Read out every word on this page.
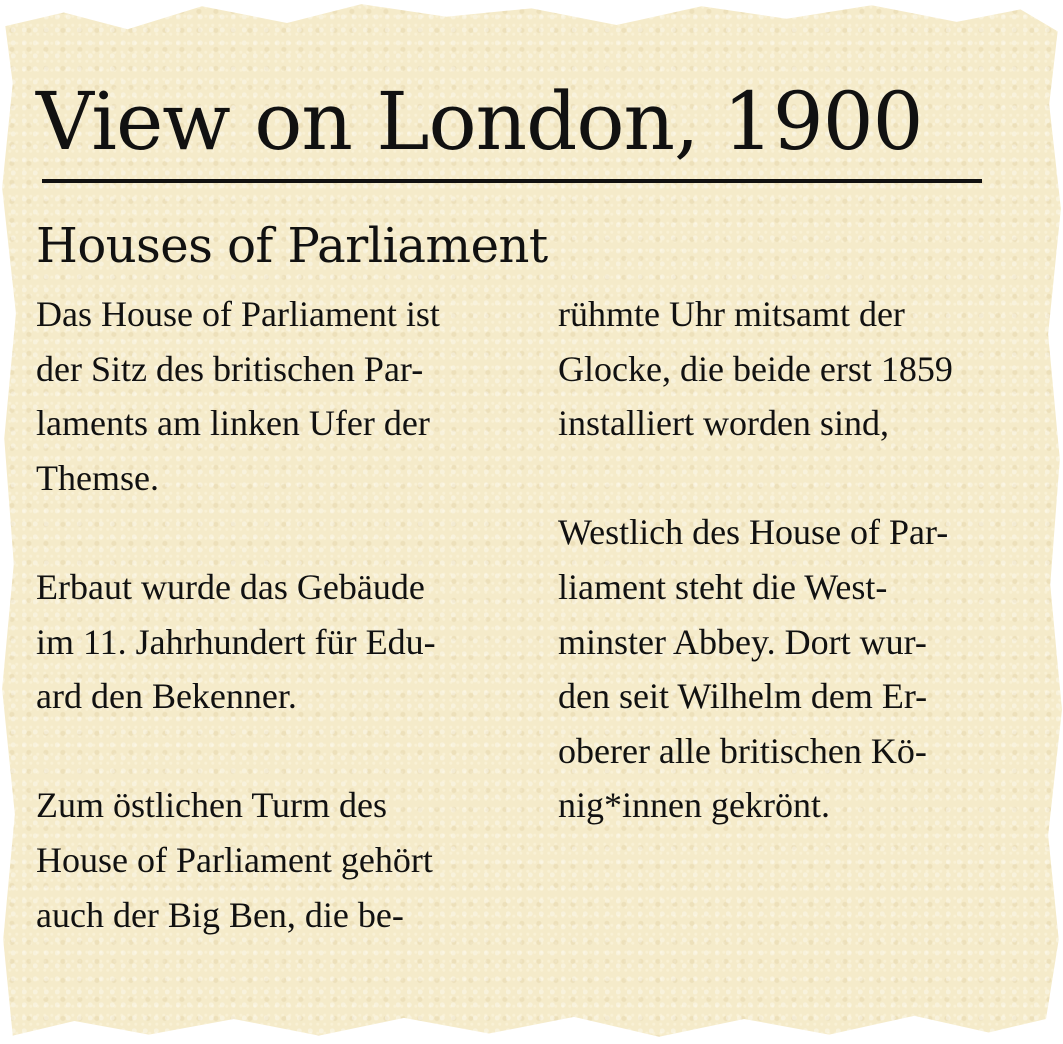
View on London, 1900
Houses of Parliament
Das House of Parliament ist
der Sitz des britischen Par-
laments am linken Ufer der
Themse.
Erbaut wurde das Gebäude
im 11. Jahrhundert für Edu-
ard den Bekenner.
Zum östlichen Turm des
House of Parliament gehört
auch der Big Ben, die be-
rühmte Uhr mitsamt der
Glocke, die beide erst 1859
installiert worden sind,
Westlich des House of Par-
liament steht die West-
minster Abbey. Dort wur-
den seit Wilhelm dem Er-
oberer alle britischen Kö-
nig*innen gekrönt.
